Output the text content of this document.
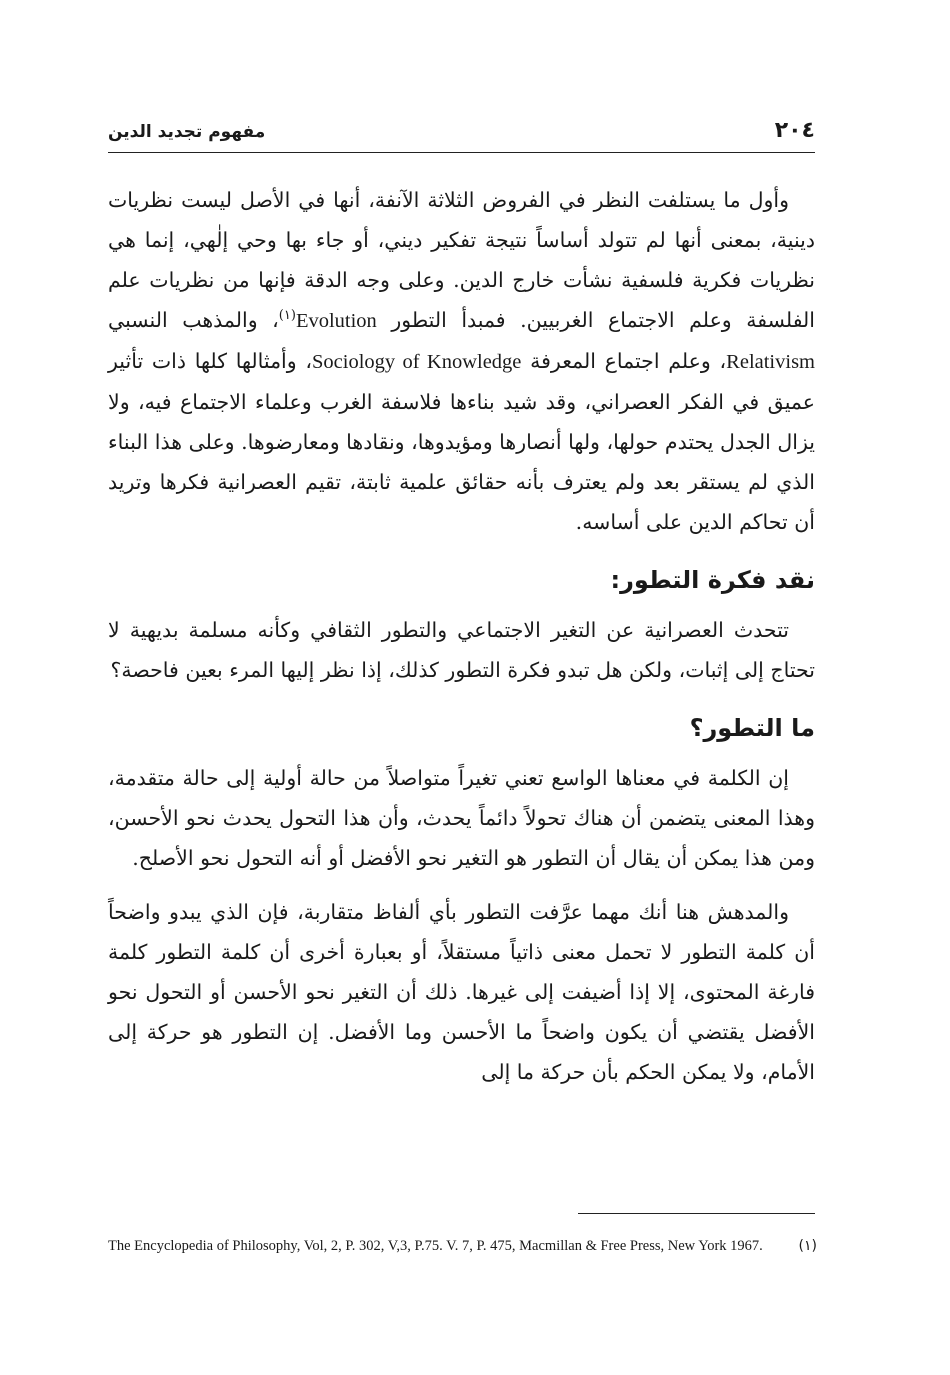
٢٠٤
مفهوم تجديد الدين

وأول ما يستلفت النظر في الفروض الثلاثة الآنفة، أنها في الأصل ليست نظريات دينية، بمعنى أنها لم تتولد أساساً نتيجة تفكير ديني، أو جاء بها وحي إلٰهي، إنما هي نظريات فكرية فلسفية نشأت خارج الدين. وعلى وجه الدقة فإنها من نظريات علم الفلسفة وعلم الاجتماع الغربيين. فمبدأ التطور Evolution$^{(١)}$، والمذهب النسبي Relativism، وعلم اجتماع المعرفة Sociology of Knowledge، وأمثالها كلها ذات تأثير عميق في الفكر العصراني، وقد شيد بناءها فلاسفة الغرب وعلماء الاجتماع فيه، ولا يزال الجدل يحتدم حولها، ولها أنصارها ومؤيدوها، ونقادها ومعارضوها. وعلى هذا البناء الذي لم يستقر بعد ولم يعترف بأنه حقائق علمية ثابتة، تقيم العصرانية فكرها وتريد أن تحاكم الدين على أساسه.

نقد فكرة التطور:

تتحدث العصرانية عن التغير الاجتماعي والتطور الثقافي وكأنه مسلمة بديهية لا تحتاج إلى إثبات، ولكن هل تبدو فكرة التطور كذلك، إذا نظر إليها المرء بعين فاحصة؟

ما التطور؟

إن الكلمة في معناها الواسع تعني تغيراً متواصلاً من حالة أولية إلى حالة متقدمة، وهذا المعنى يتضمن أن هناك تحولاً دائماً يحدث، وأن هذا التحول يحدث نحو الأحسن، ومن هذا يمكن أن يقال أن التطور هو التغير نحو الأفضل أو أنه التحول نحو الأصلح.

والمدهش هنا أنك مهما عرَّفت التطور بأي ألفاظ متقاربة، فإن الذي يبدو واضحاً أن كلمة التطور لا تحمل معنى ذاتياً مستقلاً، أو بعبارة أخرى أن كلمة التطور كلمة فارغة المحتوى، إلا إذا أضيفت إلى غيرها. ذلك أن التغير نحو الأحسن أو التحول نحو الأفضل يقتضي أن يكون واضحاً ما الأحسن وما الأفضل. إن التطور هو حركة إلى الأمام، ولا يمكن الحكم بأن حركة ما إلى

(١)
The Encyclopedia of Philosophy, Vol, 2, P. 302, V,3, P.75. V. 7, P. 475, Macmillan & Free Press, New York 1967.
